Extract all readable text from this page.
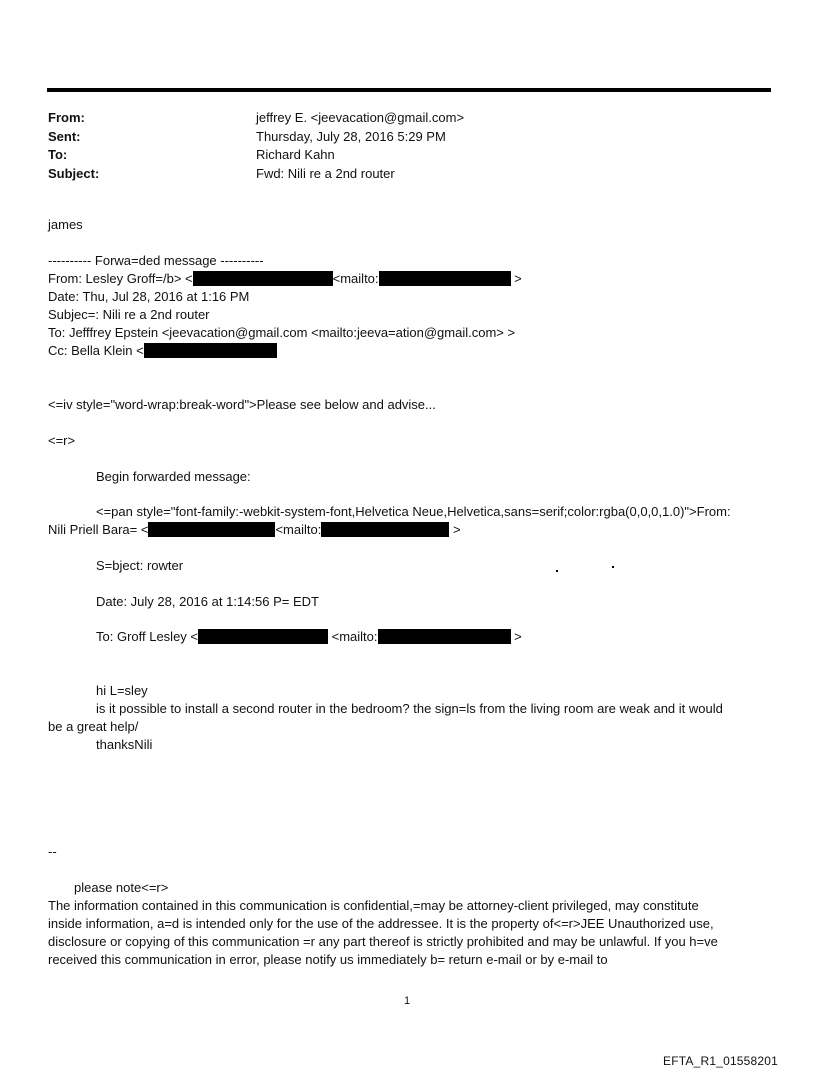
From:	jeffrey E. <jeevacation@gmail.com>
Sent:	Thursday, July 28, 2016 5:29 PM
To:	Richard Kahn
Subject:	Fwd: Nili re a 2nd router
james
---------- Forwa=ded message ----------
From: Lesley Groff=/b> <	<mailto:	>
Date: Thu, Jul 28, 2016 at 1:16 PM
Subjec=: Nili re a 2nd router
To: Jefffrey Epstein <jeevacation@gmail.com <mailto:jeeva=ation@gmail.com> >
Cc: Bella Klein <
<=iv style="word-wrap:break-word">Please see below and advise...
<=r>
Begin forwarded message:
<=pan style="font-family:-webkit-system-font,Helvetica Neue,Helvetica,sans=serif;color:rgba(0,0,0,1.0)">From:
Nili Priell Bara= <	<mailto:	>
S=bject: rowter
Date: July 28, 2016 at 1:14:56 P= EDT
To: Groff Lesley <	<mailto:	>
hi L=sley
is it possible to install a second router in the bedroom? the sign=ls from the living room are weak and it would
be a great help/
thanksNili
--
please note<=r>
The information contained in this communication is confidential,=may be attorney-client privileged, may constitute
inside information, a=d is intended only for the use of the addressee. It is the property of<=r>JEE Unauthorized use,
disclosure or copying of this communication =r any part thereof is strictly prohibited and may be unlawful. If you h=ve
received this communication in error, please notify us immediately b= return e-mail or by e-mail to
1
EFTA_R1_01558201
